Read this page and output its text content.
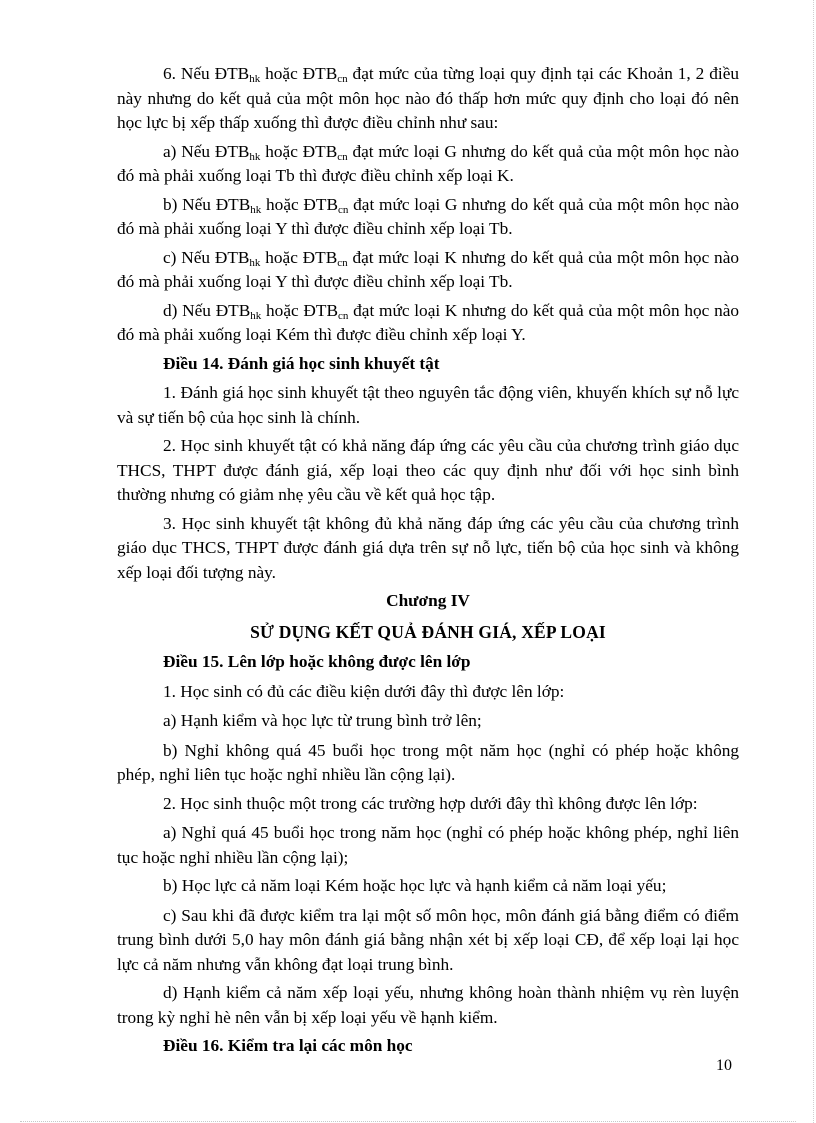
6. Nếu $ĐTB_{hk}$ hoặc $ĐTB_{cn}$ đạt mức của từng loại quy định tại các Khoản 1, 2 điều này nhưng do kết quả của một môn học nào đó thấp hơn mức quy định cho loại đó nên học lực bị xếp thấp xuống thì được điều chỉnh như sau:

a) Nếu $ĐTB_{hk}$ hoặc $ĐTB_{cn}$ đạt mức loại G nhưng do kết quả của một môn học nào đó mà phải xuống loại Tb thì được điều chỉnh xếp loại K.

b) Nếu $ĐTB_{hk}$ hoặc $ĐTB_{cn}$ đạt mức loại G nhưng do kết quả của một môn học nào đó mà phải xuống loại Y thì được điều chỉnh xếp loại Tb.

c) Nếu $ĐTB_{hk}$ hoặc $ĐTB_{cn}$ đạt mức loại K nhưng do kết quả của một môn học nào đó mà phải xuống loại Y thì được điều chỉnh xếp loại Tb.

d) Nếu $ĐTB_{hk}$ hoặc $ĐTB_{cn}$ đạt mức loại K nhưng do kết quả của một môn học nào đó mà phải xuống loại Kém thì được điều chỉnh xếp loại Y.

Điều 14. Đánh giá học sinh khuyết tật

1. Đánh giá học sinh khuyết tật theo nguyên tắc động viên, khuyến khích sự nỗ lực và sự tiến bộ của học sinh là chính.

2. Học sinh khuyết tật có khả năng đáp ứng các yêu cầu của chương trình giáo dục THCS, THPT được đánh giá, xếp loại theo các quy định như đối với học sinh bình thường nhưng có giảm nhẹ yêu cầu về kết quả học tập.

3. Học sinh khuyết tật không đủ khả năng đáp ứng các yêu cầu của chương trình giáo dục THCS, THPT được đánh giá dựa trên sự nỗ lực, tiến bộ của học sinh và không xếp loại đối tượng này.

Chương IV

SỬ DỤNG KẾT QUẢ ĐÁNH GIÁ, XẾP LOẠI

Điều 15. Lên lớp hoặc không được lên lớp

1. Học sinh có đủ các điều kiện dưới đây thì được lên lớp:

a) Hạnh kiểm và học lực từ trung bình trở lên;

b) Nghỉ không quá 45 buổi học trong một năm học (nghỉ có phép hoặc không phép, nghỉ liên tục hoặc nghỉ nhiều lần cộng lại).

2. Học sinh thuộc một trong các trường hợp dưới đây thì không được lên lớp:

a) Nghỉ quá 45 buổi học trong năm học (nghỉ có phép hoặc không phép, nghỉ liên tục hoặc nghỉ nhiều lần cộng lại);

b) Học lực cả năm loại Kém hoặc học lực và hạnh kiểm cả năm loại yếu;

c) Sau khi đã được kiểm tra lại một số môn học, môn đánh giá bằng điểm có điểm trung bình dưới 5,0 hay môn đánh giá bằng nhận xét bị xếp loại CĐ, để xếp loại lại học lực cả năm nhưng vẫn không đạt loại trung bình.

d) Hạnh kiểm cả năm xếp loại yếu, nhưng không hoàn thành nhiệm vụ rèn luyện trong kỳ nghỉ hè nên vẫn bị xếp loại yếu về hạnh kiểm.

Điều 16. Kiểm tra lại các môn học

10
